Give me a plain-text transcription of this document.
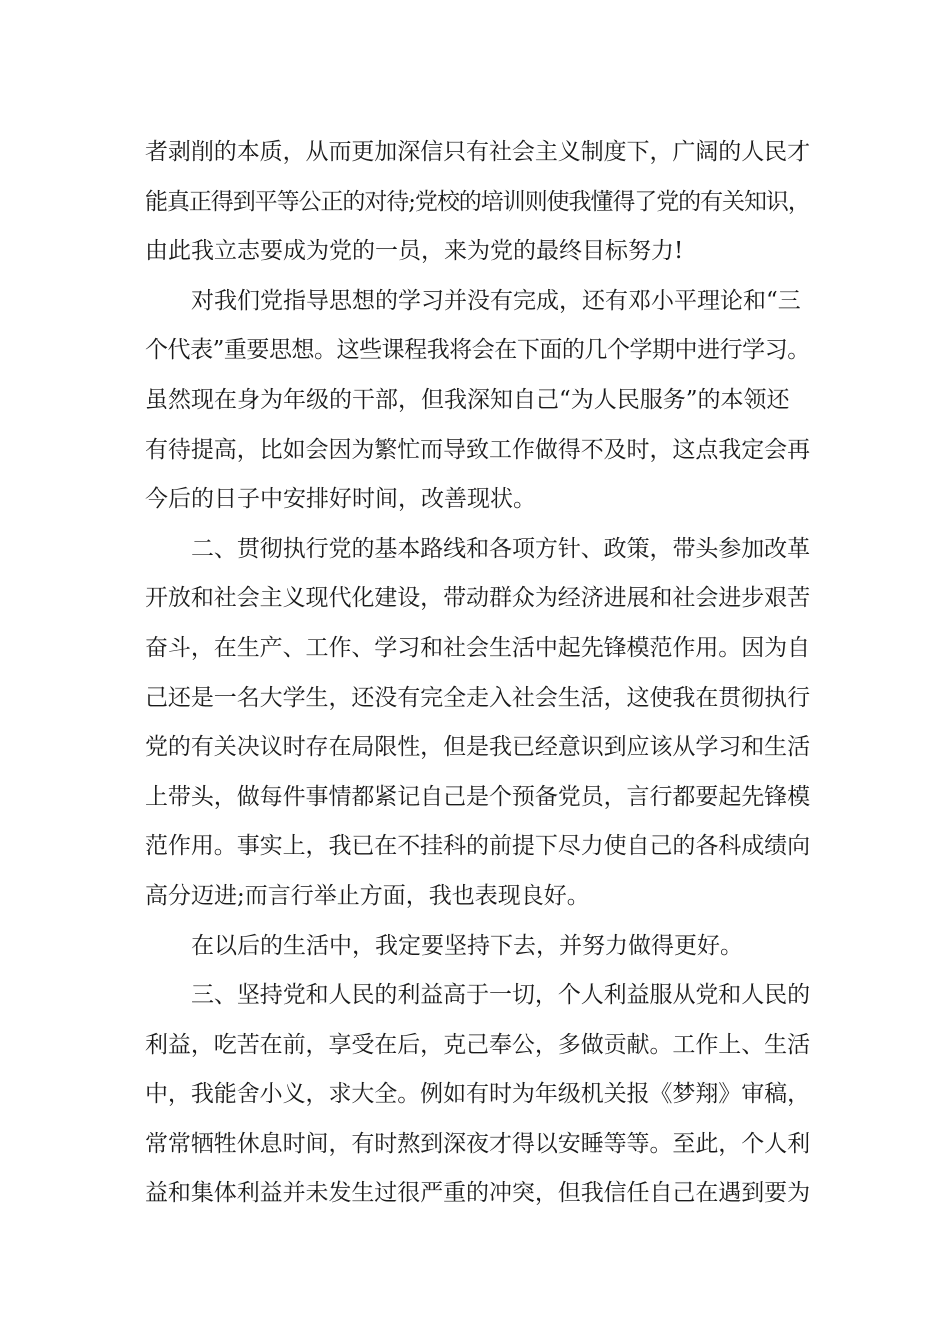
者剥削的本质，从而更加深信只有社会主义制度下，广阔的人民才
能真正得到平等公正的对待;党校的培训则使我懂得了党的有关知识，
由此我立志要成为党的一员，来为党的最终目标努力!
对我们党指导思想的学习并没有完成，还有邓小平理论和“三
个代表”重要思想。这些课程我将会在下面的几个学期中进行学习。
虽然现在身为年级的干部，但我深知自己“为人民服务”的本领还
有待提高，比如会因为繁忙而导致工作做得不及时，这点我定会再
今后的日子中安排好时间，改善现状。
二、贯彻执行党的基本路线和各项方针、政策，带头参加改革
开放和社会主义现代化建设，带动群众为经济进展和社会进步艰苦
奋斗，在生产、工作、学习和社会生活中起先锋模范作用。因为自
己还是一名大学生，还没有完全走入社会生活，这使我在贯彻执行
党的有关决议时存在局限性，但是我已经意识到应该从学习和生活
上带头，做每件事情都紧记自己是个预备党员，言行都要起先锋模
范作用。事实上，我已在不挂科的前提下尽力使自己的各科成绩向
高分迈进;而言行举止方面，我也表现良好。
在以后的生活中，我定要坚持下去，并努力做得更好。
三、坚持党和人民的利益高于一切，个人利益服从党和人民的
利益，吃苦在前，享受在后，克己奉公，多做贡献。工作上、生活
中，我能舍小义，求大全。例如有时为年级机关报《梦翔》审稿，
常常牺牲休息时间，有时熬到深夜才得以安睡等等。至此，个人利
益和集体利益并未发生过很严重的冲突，但我信任自己在遇到要为
